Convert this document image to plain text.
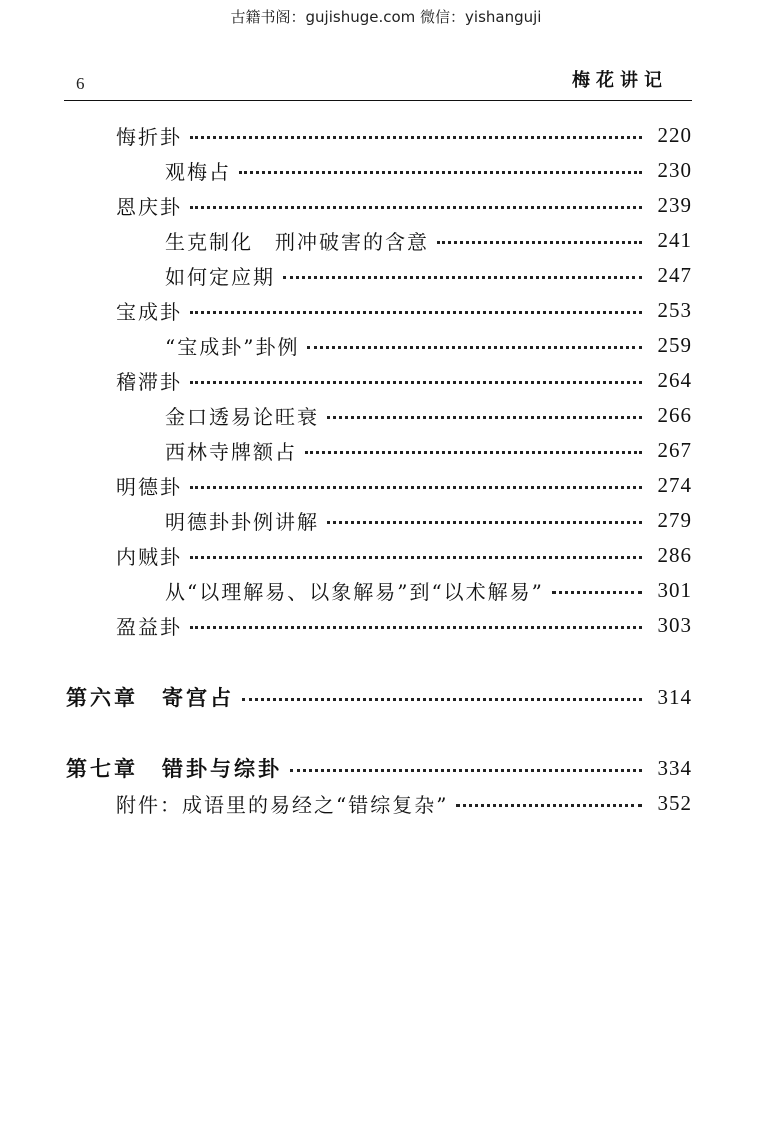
古籍书阁：gujishuge.com 微信：yishanguji
6	梅花讲记
悔折卦	220
观梅占	230
恩庆卦	239
生克制化　刑冲破害的含意	241
如何定应期	247
宝成卦	253
“宝成卦”卦例	259
稽滞卦	264
金口透易论旺衰	266
西林寺牌额占	267
明德卦	274
明德卦卦例讲解	279
内贼卦	286
从“以理解易、以象解易”到“以术解易”	301
盈益卦	303
第六章　寄宫占	314
第七章　错卦与综卦	334
附件：成语里的易经之“错综复杂”	352
